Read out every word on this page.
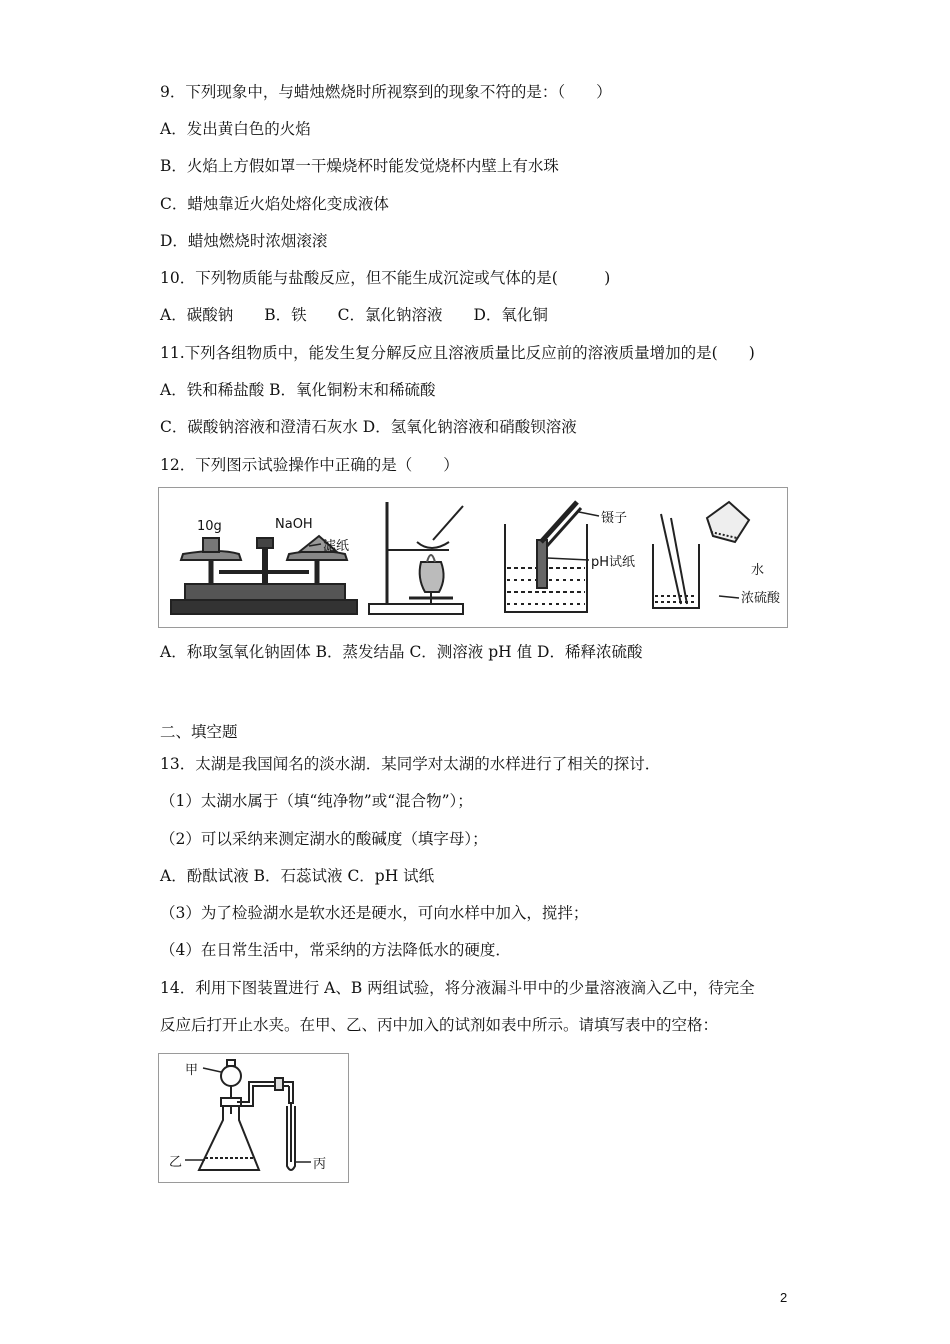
9．下列现象中，与蜡烛燃烧时所视察到的现象不符的是：（　　）
A．发出黄白色的火焰
B．火焰上方假如罩一干燥烧杯时能发觉烧杯内壁上有水珠
C．蜡烛靠近火焰处熔化变成液体
D．蜡烛燃烧时浓烟滚滚
10．下列物质能与盐酸反应，但不能生成沉淀或气体的是(　　　)
A．碳酸钠　　B．铁　　C．氯化钠溶液　　D．氧化铜
11.下列各组物质中，能发生复分解反应且溶液质量比反应前的溶液质量增加的是(　　)
A．铁和稀盐酸 B．氧化铜粉末和稀硫酸
C．碳酸钠溶液和澄清石灰水 D．氢氧化钠溶液和硝酸钡溶液
12．下列图示试验操作中正确的是（　　）
10g	NaOH
滤纸
镊子
pH试纸
水
浓硫酸
A．称取氢氧化钠固体 B．蒸发结晶 C．测溶液 pH 值 D．稀释浓硫酸
二、填空题
13．太湖是我国闻名的淡水湖．某同学对太湖的水样进行了相关的探讨．
（1）太湖水属于（填“纯净物”或“混合物”）；
（2）可以采纳来测定湖水的酸碱度（填字母）；
A．酚酞试液 B．石蕊试液 C．pH 试纸
（3）为了检验湖水是软水还是硬水，可向水样中加入，搅拌；
（4）在日常生活中，常采纳的方法降低水的硬度．
14．利用下图装置进行 A、B 两组试验，将分液漏斗甲中的少量溶液滴入乙中，待完全
反应后打开止水夹。在甲、乙、丙中加入的试剂如表中所示。请填写表中的空格：
甲
乙	丙
2
